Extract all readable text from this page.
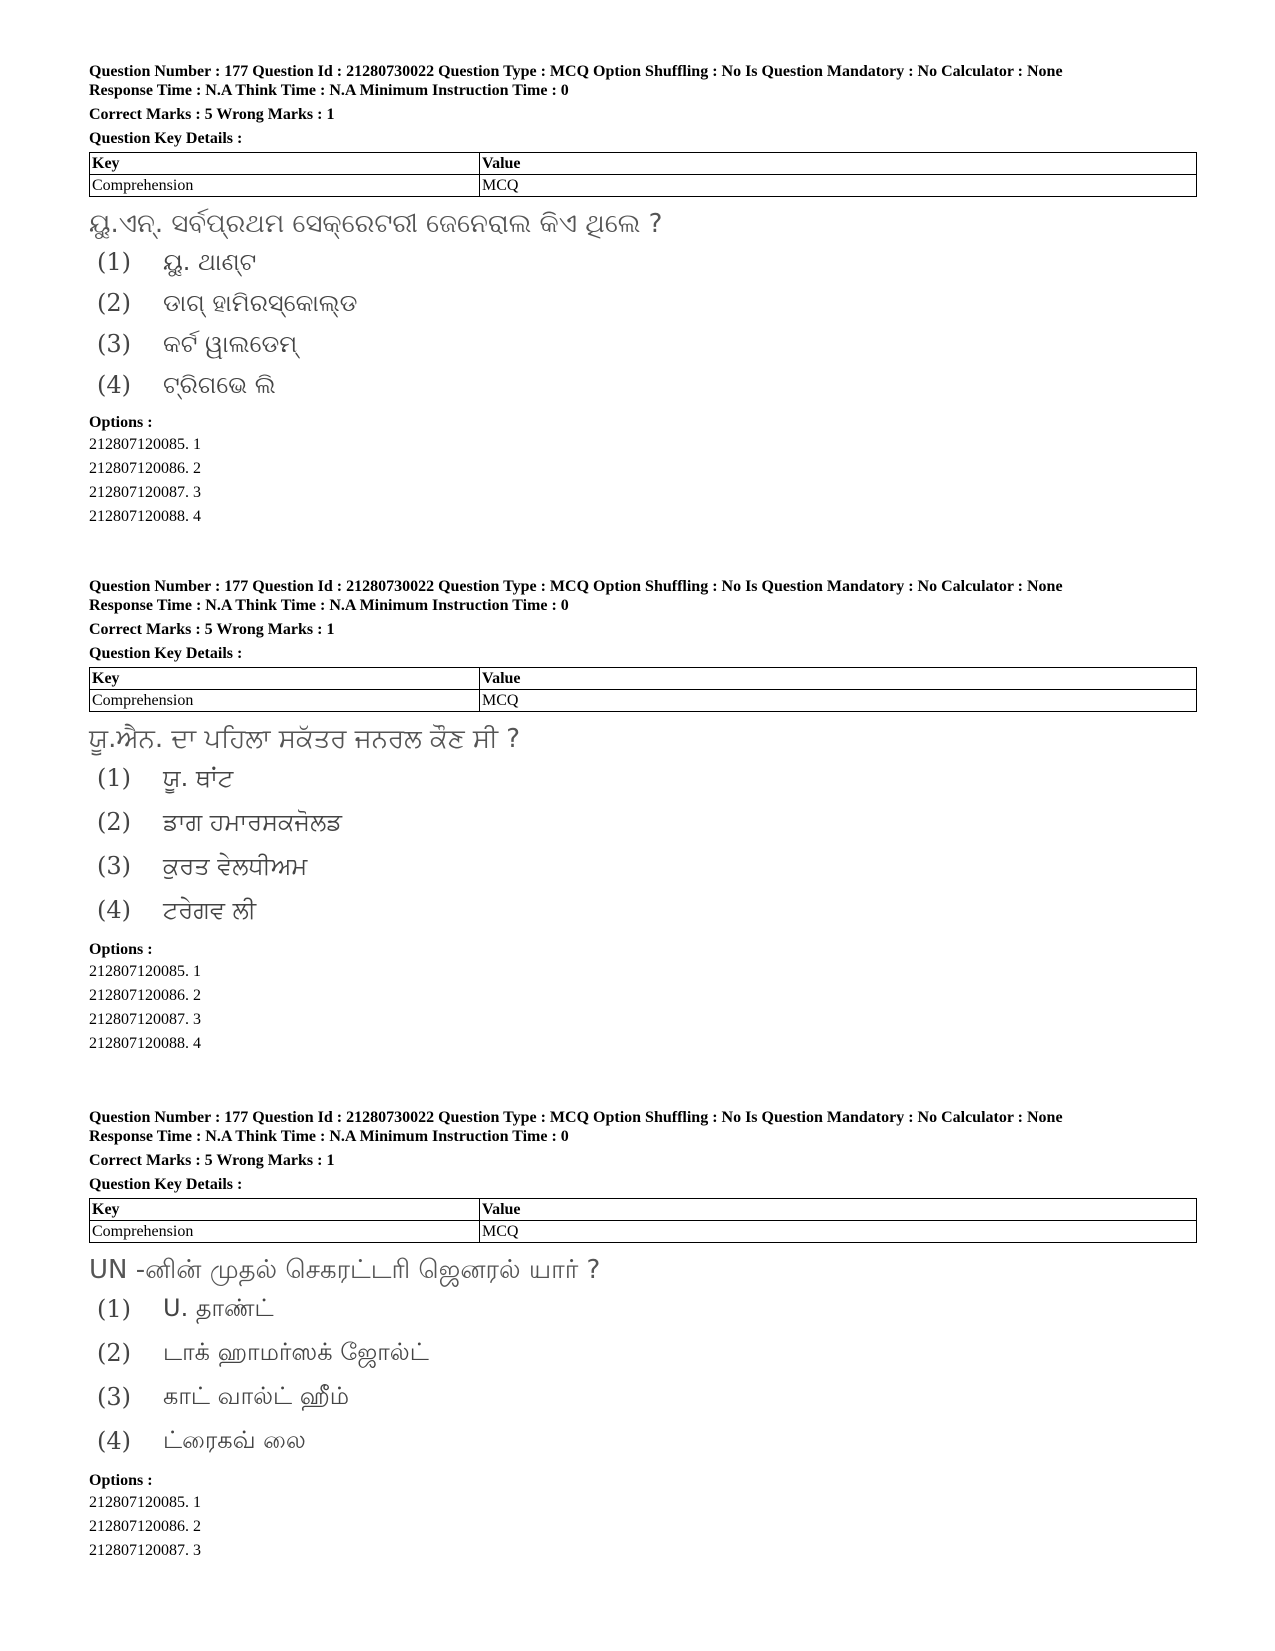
Question Number : 177 Question Id : 21280730022 Question Type : MCQ Option Shuffling : No Is Question Mandatory : No Calculator : None

Response Time : N.A Think Time : N.A Minimum Instruction Time : 0

Correct Marks : 5 Wrong Marks : 1

Question Key Details :

Key	Value
Comprehension	MCQ
ୟୁ.ଏନ୍. ସର୍ବପ୍ରଥମ ସେକ୍ରେଟରୀ ଜେନେରାଲ କିଏ ଥିଲେ ?
(1)	ୟୁ. ଥାଣ୍ଟ
(2)	ଡାଗ୍ ହାମିରସ୍କୋଲ୍ଡ
(3)	କର୍ଟ ୱାଲଡେମ୍
(4)	ଟ୍ରିଗଭେ ଲି
Options :
212807120085. 1
212807120086. 2
212807120087. 3
212807120088. 4

Question Number : 177 Question Id : 21280730022 Question Type : MCQ Option Shuffling : No Is Question Mandatory : No Calculator : None

Response Time : N.A Think Time : N.A Minimum Instruction Time : 0

Correct Marks : 5 Wrong Marks : 1

Question Key Details :

Key	Value
Comprehension	MCQ
ਯੂ.ਐਨ. ਦਾ ਪਹਿਲਾ ਸਕੱਤਰ ਜਨਰਲ ਕੌਣ ਸੀ ?
(1)	ਯੂ. ਥਾਂਟ
(2)	ਡਾਗ ਹਮਾਰਸਕਜੋਲਡ
(3)	ਕੁਰਤ ਵੇਲਧੀਅਮ
(4)	ਟਰੇਗਵ ਲੀ
Options :
212807120085. 1
212807120086. 2
212807120087. 3
212807120088. 4

Question Number : 177 Question Id : 21280730022 Question Type : MCQ Option Shuffling : No Is Question Mandatory : No Calculator : None

Response Time : N.A Think Time : N.A Minimum Instruction Time : 0

Correct Marks : 5 Wrong Marks : 1

Question Key Details :

Key	Value
Comprehension	MCQ
UN -னின் முதல் செகரட்டரி ஜெனரல் யார் ?
(1)	U. தாண்ட்
(2)	டாக் ஹாமர்ஸக் ஜோல்ட்
(3)	காட் வால்ட் ஹீம்
(4)	ட்ரைகவ் லை
Options :
212807120085. 1
212807120086. 2
212807120087. 3
